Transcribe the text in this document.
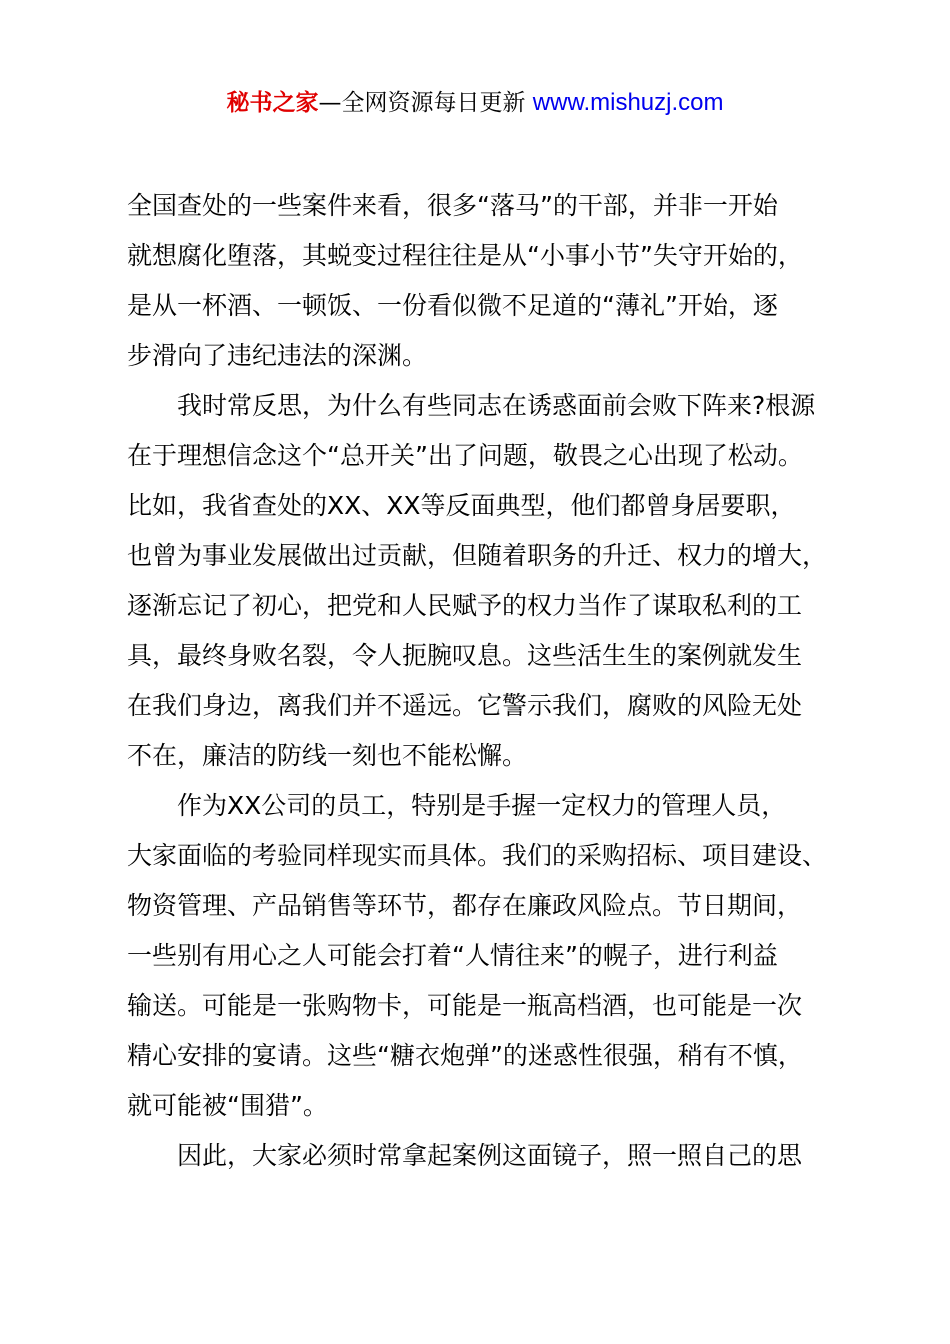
秘书之家—全网资源每日更新 www.mishuzj.com
全国查处的一些案件来看，很多“落马”的干部，并非一开始
就想腐化堕落，其蜕变过程往往是从“小事小节”失守开始的，
是从一杯酒、一顿饭、一份看似微不足道的“薄礼”开始，逐
步滑向了违纪违法的深渊。
　　我时常反思，为什么有些同志在诱惑面前会败下阵来?根源
在于理想信念这个“总开关”出了问题，敬畏之心出现了松动。
比如，我省查处的XX、XX等反面典型，他们都曾身居要职，
也曾为事业发展做出过贡献，但随着职务的升迁、权力的增大，
逐渐忘记了初心，把党和人民赋予的权力当作了谋取私利的工
具，最终身败名裂，令人扼腕叹息。这些活生生的案例就发生
在我们身边，离我们并不遥远。它警示我们，腐败的风险无处
不在，廉洁的防线一刻也不能松懈。
　　作为XX公司的员工，特别是手握一定权力的管理人员，
大家面临的考验同样现实而具体。我们的采购招标、项目建设、
物资管理、产品销售等环节，都存在廉政风险点。节日期间，
一些别有用心之人可能会打着“人情往来”的幌子，进行利益
输送。可能是一张购物卡，可能是一瓶高档酒，也可能是一次
精心安排的宴请。这些“糖衣炮弹”的迷惑性很强，稍有不慎，
就可能被“围猎”。
　　因此，大家必须时常拿起案例这面镜子，照一照自己的思
